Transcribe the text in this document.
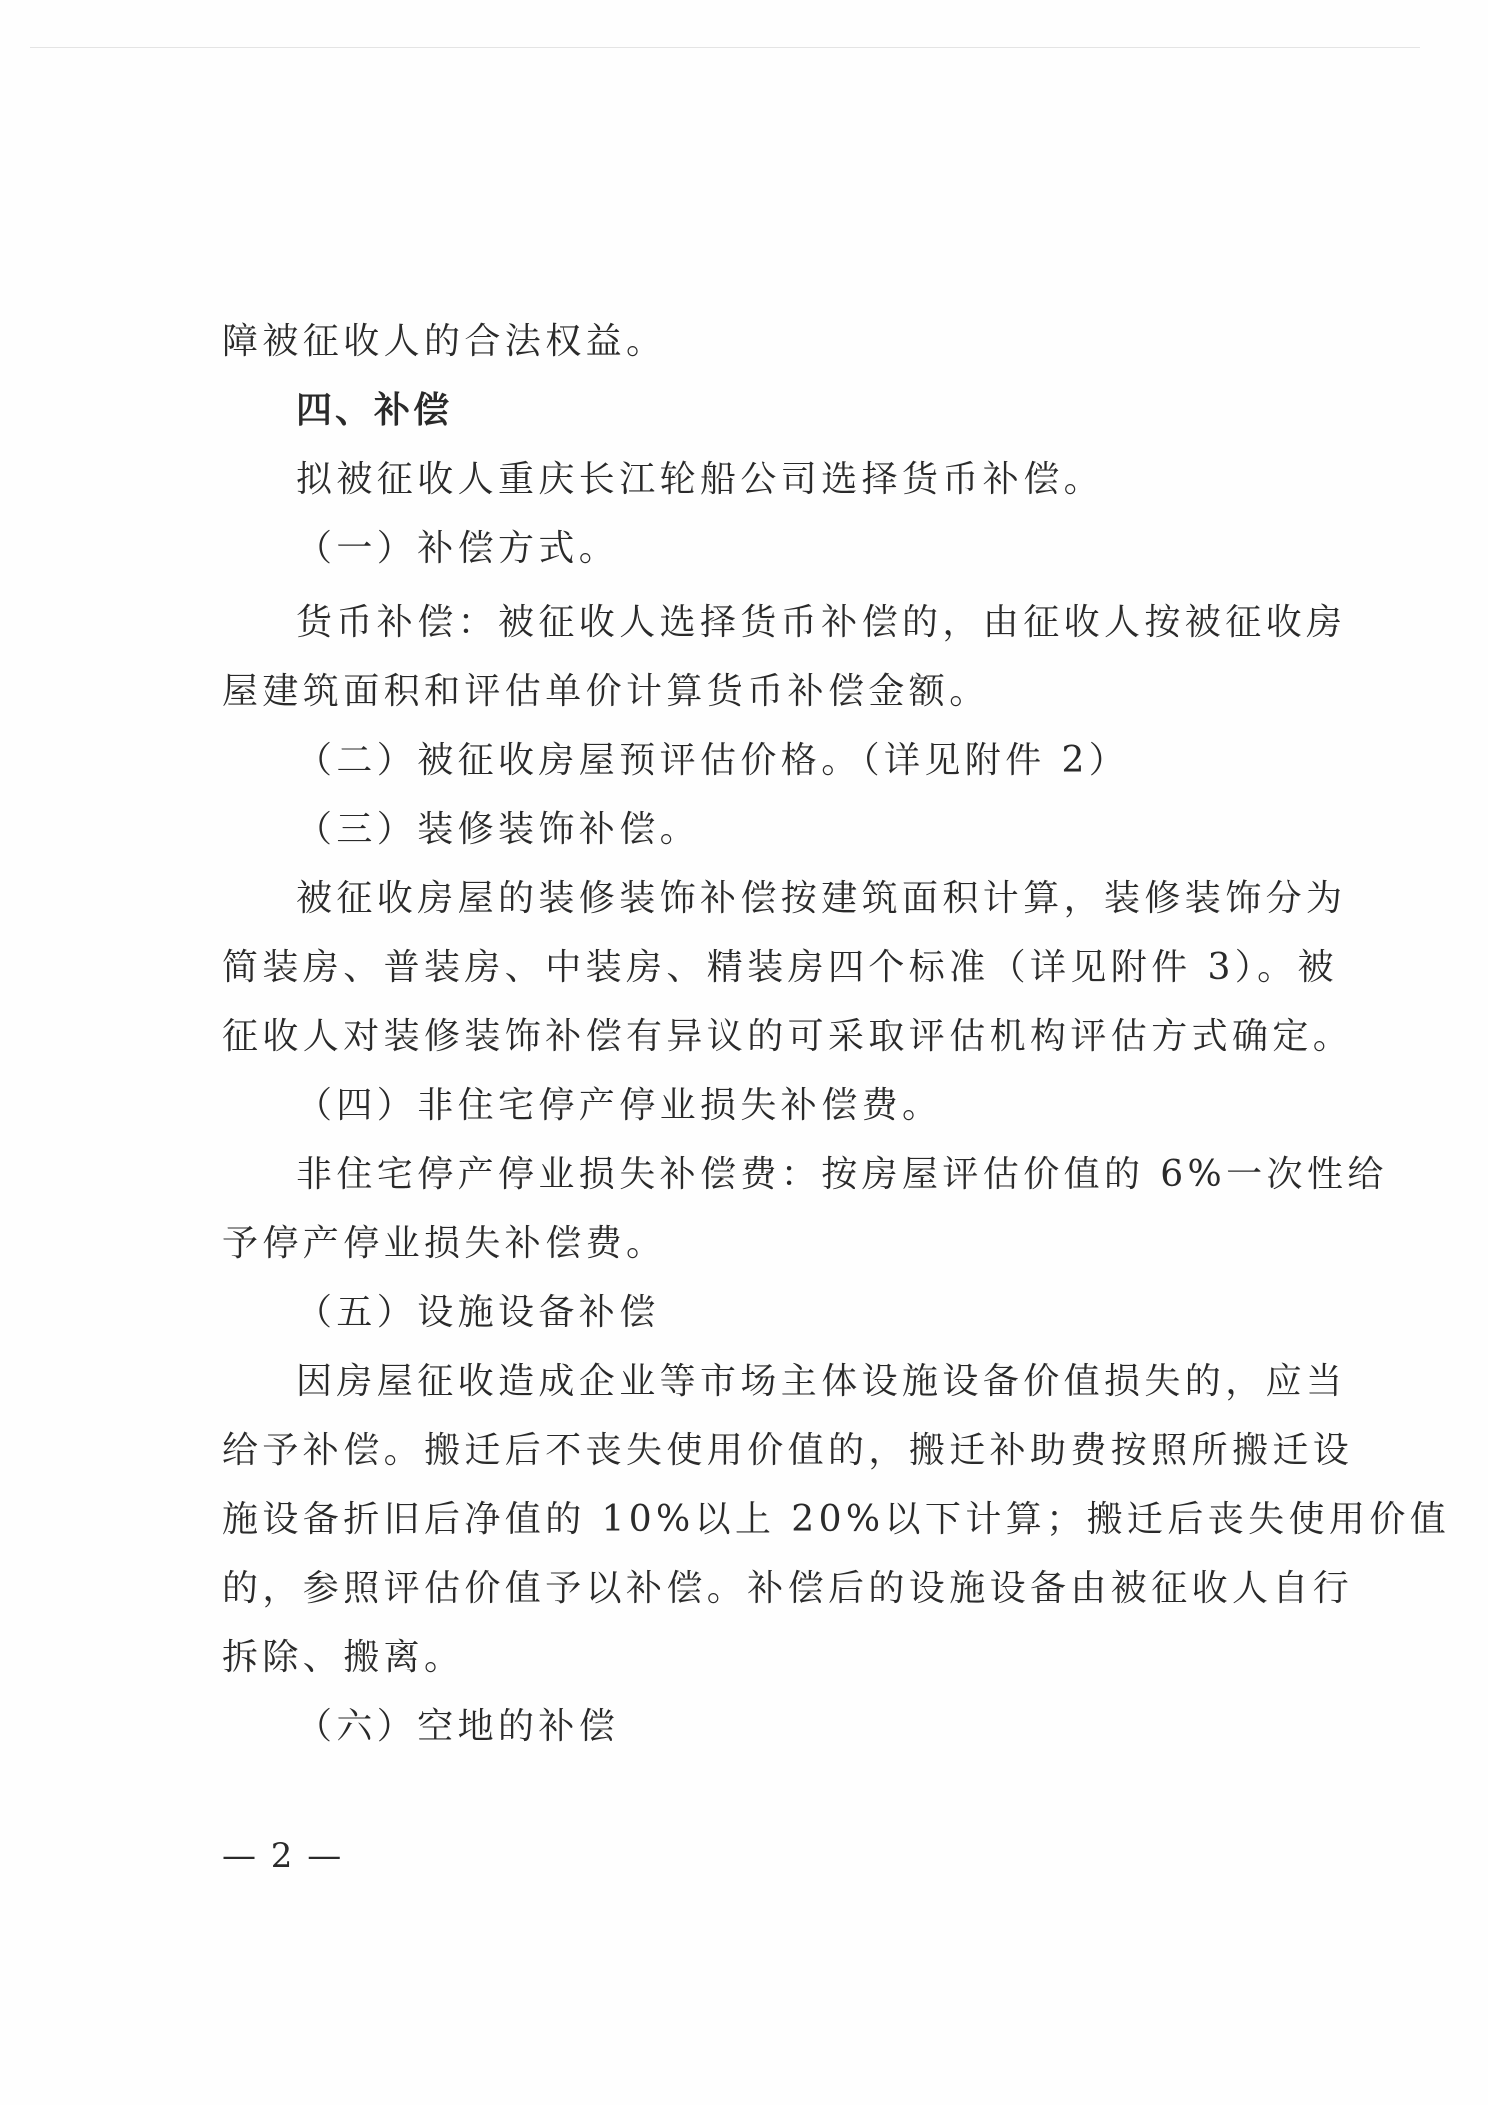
障被征收人的合法权益。
四、补偿
拟被征收人重庆长江轮船公司选择货币补偿。
（一）补偿方式。
货币补偿：被征收人选择货币补偿的，由征收人按被征收房
屋建筑面积和评估单价计算货币补偿金额。
（二）被征收房屋预评估价格。（详见附件 2）
（三）装修装饰补偿。
被征收房屋的装修装饰补偿按建筑面积计算，装修装饰分为
简装房、普装房、中装房、精装房四个标准（详见附件 3）。被
征收人对装修装饰补偿有异议的可采取评估机构评估方式确定。
（四）非住宅停产停业损失补偿费。
非住宅停产停业损失补偿费：按房屋评估价值的 6%一次性给
予停产停业损失补偿费。
（五）设施设备补偿
因房屋征收造成企业等市场主体设施设备价值损失的，应当
给予补偿。搬迁后不丧失使用价值的，搬迁补助费按照所搬迁设
施设备折旧后净值的 10%以上 20%以下计算；搬迁后丧失使用价值
的，参照评估价值予以补偿。补偿后的设施设备由被征收人自行
拆除、搬离。
（六）空地的补偿
— 2 —
